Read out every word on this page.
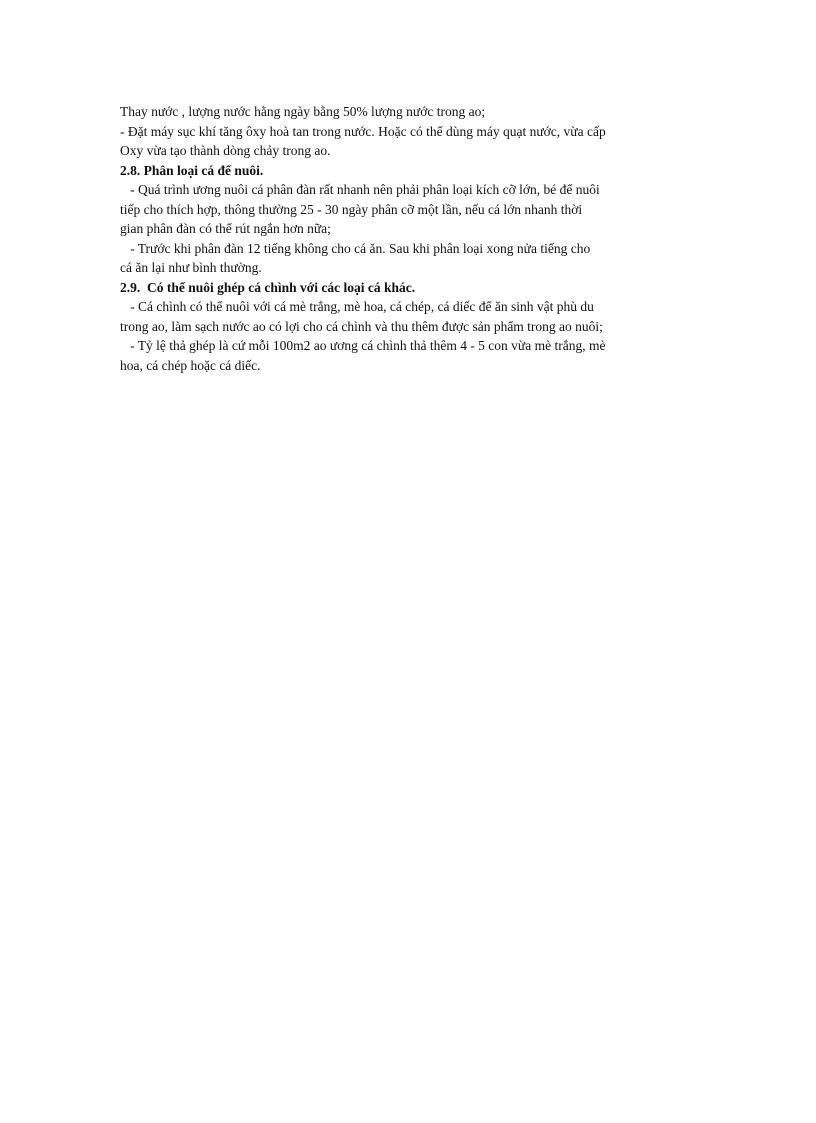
Thay nước , lượng nước hằng ngày bằng 50% lượng nước trong ao;
- Đặt máy sục khí tăng ôxy hoà tan trong nước. Hoặc có thể dùng máy quạt nước, vừa cấp
Oxy vừa tạo thành dòng chảy trong ao.
2.8. Phân loại cá để nuôi.
- Quá trình ương nuôi cá phân đàn rất nhanh nên phải phân loại kích cỡ lớn, bé để nuôi
tiếp cho thích hợp, thông thường 25 - 30 ngày phân cỡ một lần, nếu cá lớn nhanh thời
gian phân đàn có thể rút ngắn hơn nữa;
- Trước khi phân đàn 12 tiếng không cho cá ăn. Sau khi phân loại xong nửa tiếng cho
cá ăn lại như bình thường.
2.9.  Có thể nuôi ghép cá chình với các loại cá khác.
- Cá chình có thể nuôi với cá mè trắng, mè hoa, cá chép, cá diếc để ăn sinh vật phù du
trong ao, làm sạch nước ao có lợi cho cá chình và thu thêm được sản phẩm trong ao nuôi;
- Tỷ lệ thả ghép là cứ mỗi 100m2 ao ương cá chình thả thêm 4 - 5 con vừa mè trắng, mè
hoa, cá chép hoặc cá diếc.
